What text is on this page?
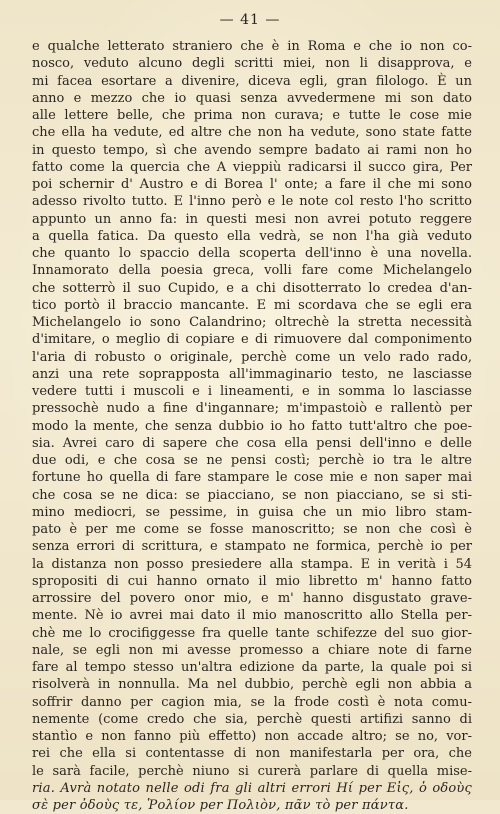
— 41 —
e qualche letterato straniero che è in Roma e che io non co-
nosco, veduto alcuno degli scritti miei, non li disapprova, e
mi facea esortare a divenire, diceva egli, gran filologo. È un
anno e mezzo che io quasi senza avvedermene mi son dato
alle lettere belle, che prima non curava; e tutte le cose mie
che ella ha vedute, ed altre che non ha vedute, sono state fatte
in questo tempo, sì che avendo sempre badato ai rami non ho
fatto come la quercia che A vieppiù radicarsi il succo gira, Per
poi schernir d' Austro e di Borea l' onte; a fare il che mi sono
adesso rivolto tutto. E l'inno però e le note col resto l'ho scritto
appunto un anno fa: in questi mesi non avrei potuto reggere
a quella fatica. Da questo ella vedrà, se non l'ha già veduto
che quanto lo spaccio della scoperta dell'inno è una novella.
Innamorato della poesia greca, volli fare come Michelangelo
che sotterrò il suo Cupido, e a chi disotterrato lo credea d'an-
tico portò il braccio mancante. E mi scordava che se egli era
Michelangelo io sono Calandrino; oltrechè la stretta necessità
d'imitare, o meglio di copiare e di rimuovere dal componimento
l'aria di robusto o originale, perchè come un velo rado rado,
anzi una rete soprapposta all'immaginario testo, ne lasciasse
vedere tutti i muscoli e i lineamenti, e in somma lo lasciasse
pressochè nudo a fine d'ingannare; m'impastoiò e rallentò per
modo la mente, che senza dubbio io ho fatto tutt'altro che poe-
sia. Avrei caro di sapere che cosa ella pensi dell'inno e delle
due odi, e che cosa se ne pensi costì; perchè io tra le altre
fortune ho quella di fare stampare le cose mie e non saper mai
che cosa se ne dica: se piacciano, se non piacciano, se si sti-
mino mediocri, se pessime, in guisa che un mio libro stam-
pato è per me come se fosse manoscritto; se non che così è
senza errori di scrittura, e stampato ne formica, perchè io per
la distanza non posso presiedere alla stampa. E in verità i 54
spropositi di cui hanno ornato il mio libretto m' hanno fatto
arrossire del povero onor mio, e m' hanno disgustato grave-
mente. Nè io avrei mai dato il mio manoscritto allo Stella per-
chè me lo crocifiggesse fra quelle tante schifezze del suo gior-
nale, se egli non mi avesse promesso a chiare note di farne
fare al tempo stesso un'altra edizione da parte, la quale poi si
risolverà in nonnulla. Ma nel dubbio, perchè egli non abbia a
soffrir danno per cagion mia, se la frode costì è nota comu-
nemente (come credo che sia, perchè questi artifizi sanno di
stantìo e non fanno più effetto) non accade altro; se no, vor-
rei che ella si contentasse di non manifestarla per ora, che
le sarà facile, perchè niuno si curerà parlare di quella mise-
ria. Avrà notato nelle odi fra gli altri errori Ηί per Εἰς, ὁ οδοὺς
σὲ per ὀδοὺς τε, Ῥολίον per Πολιὸν, πᾶν τὸ per πάντα.
